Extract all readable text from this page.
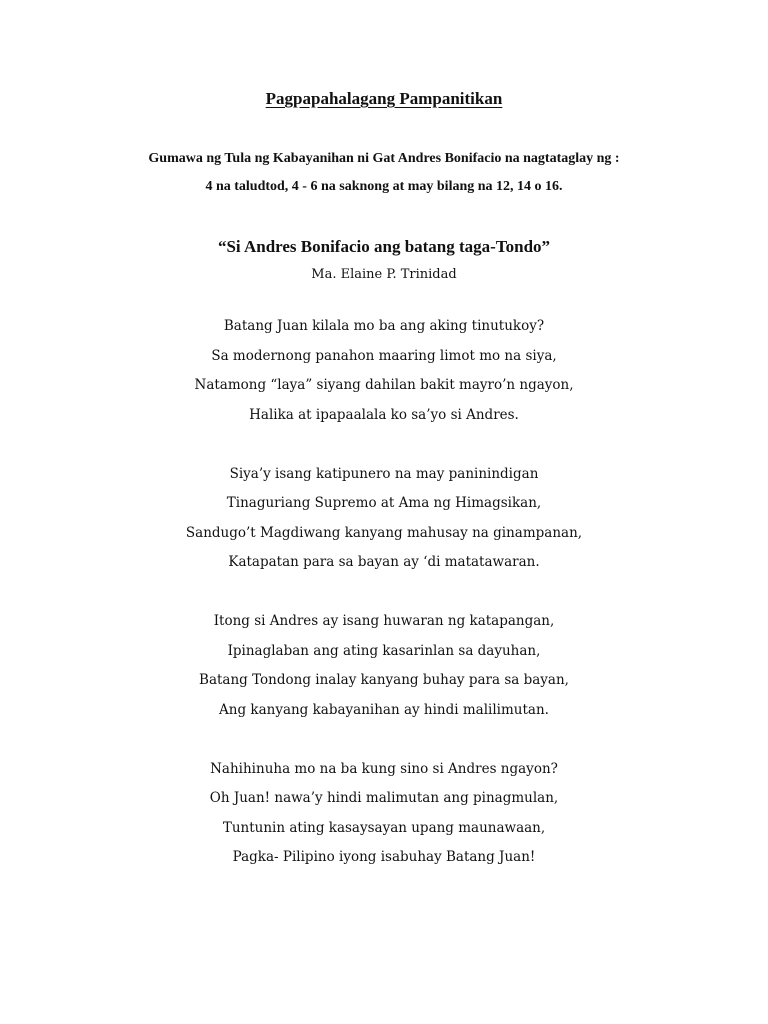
Pagpapahalagang Pampanitikan
Gumawa ng Tula ng Kabayanihan ni Gat Andres Bonifacio na nagtataglay ng :
4 na taludtod, 4 - 6 na saknong at may bilang na 12, 14 o 16.
“Si Andres Bonifacio ang batang taga-Tondo”
Ma. Elaine P. Trinidad
Batang Juan kilala mo ba ang aking tinutukoy?
Sa modernong panahon maaring limot mo na siya,
Natamong “laya” siyang dahilan bakit mayro’n ngayon,
Halika at ipapaalala ko sa’yo si Andres.
Siya’y isang katipunero na may paninindigan
Tinaguriang Supremo at Ama ng Himagsikan,
Sandugo’t Magdiwang kanyang mahusay na ginampanan,
Katapatan para sa bayan ay ‘di matatawaran.
Itong si Andres ay isang huwaran ng katapangan,
Ipinaglaban ang ating kasarinlan sa dayuhan,
Batang Tondong inalay kanyang buhay para sa bayan,
Ang kanyang kabayanihan ay hindi malilimutan.
Nahihinuha mo na ba kung sino si Andres ngayon?
Oh Juan! nawa’y hindi malimutan ang pinagmulan,
Tuntunin ating kasaysayan upang maunawaan,
Pagka- Pilipino iyong isabuhay Batang Juan!
